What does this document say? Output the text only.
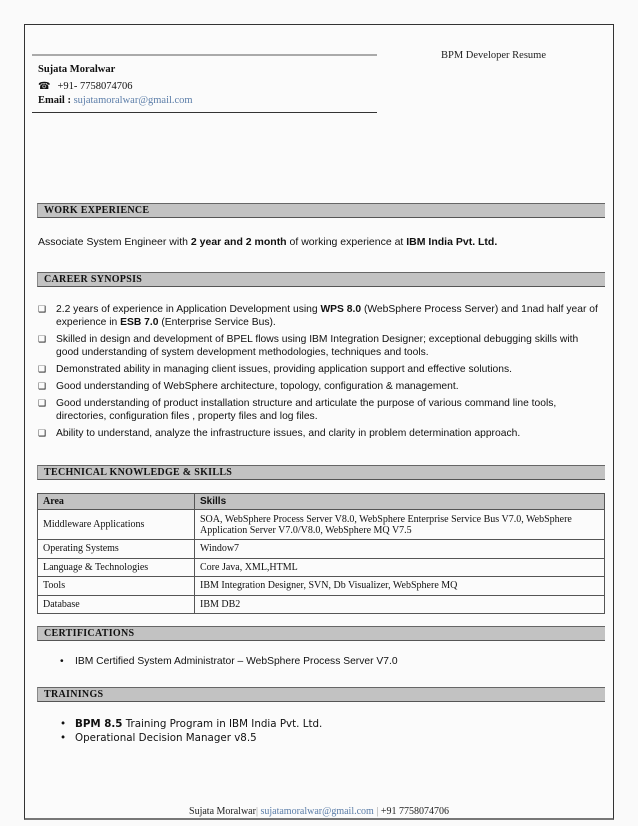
BPM Developer Resume
Sujata Moralwar
☎ +91- 7758074706
Email : sujatamoralwar@gmail.com
WORK EXPERIENCE
Associate System Engineer with 2 year and 2 month of working experience at IBM India Pvt. Ltd.
CAREER SYNOPSIS
❑ 2.2 years of experience in Application Development using WPS 8.0 (WebSphere Process Server) and 1nad half year of experience in ESB 7.0 (Enterprise Service Bus).
❑ Skilled in design and development of BPEL flows using IBM Integration Designer; exceptional debugging skills with good understanding of system development methodologies, techniques and tools.
❑ Demonstrated ability in managing client issues, providing application support and effective solutions.
❑ Good understanding of WebSphere architecture, topology, configuration & management.
❑ Good understanding of product installation structure and articulate the purpose of various command line tools, directories, configuration files , property files and log files.
❑ Ability to understand, analyze the infrastructure issues, and clarity in problem determination approach.
TECHNICAL KNOWLEDGE & SKILLS
Area	Skills
Middleware Applications	SOA, WebSphere Process Server V8.0, WebSphere Enterprise Service Bus V7.0, WebSphere Application Server V7.0/V8.0, WebSphere MQ V7.5
Operating Systems	Window7
Language & Technologies	Core Java, XML,HTML
Tools	IBM Integration Designer, SVN, Db Visualizer, WebSphere MQ
Database	IBM DB2
CERTIFICATIONS
• IBM Certified System Administrator – WebSphere Process Server V7.0
TRAININGS
• BPM 8.5 Training Program in IBM India Pvt. Ltd.
• Operational Decision Manager v8.5
Sujata Moralwar| sujatamoralwar@gmail.com | +91 7758074706
